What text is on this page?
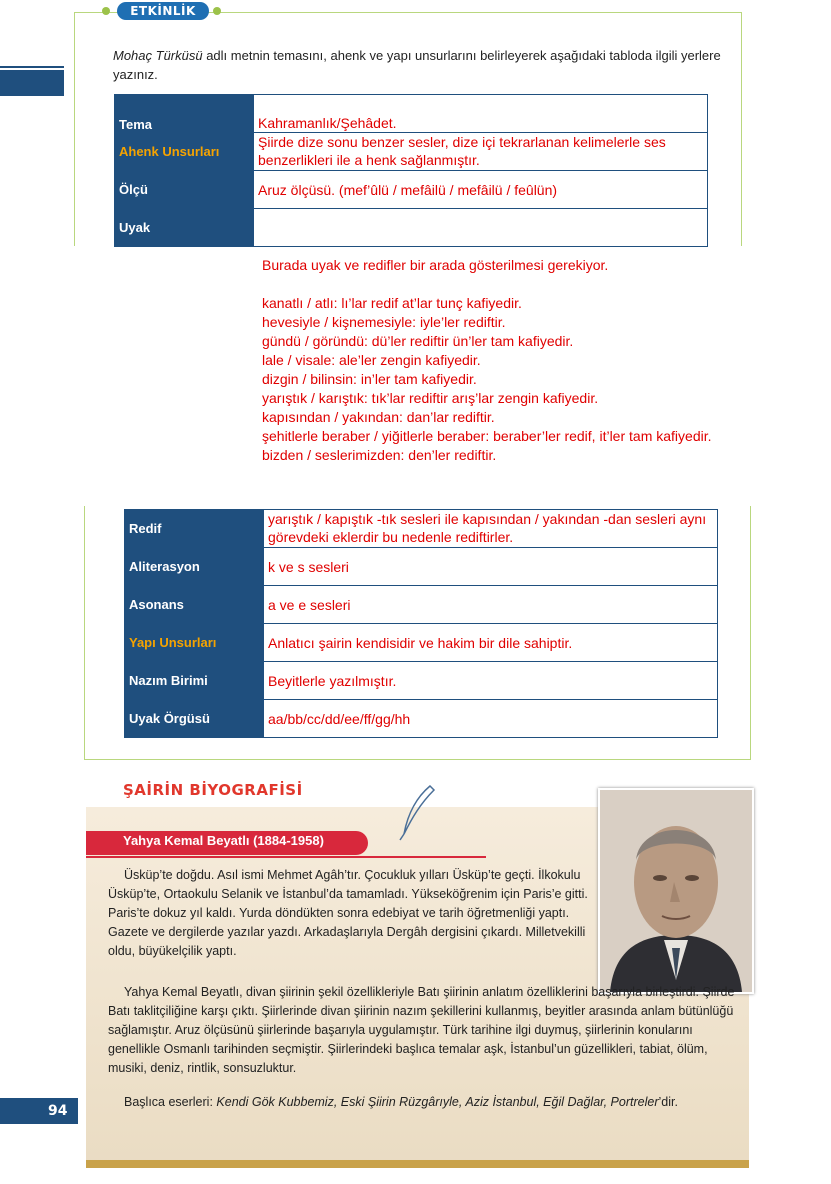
94
ETKİNLİK
Mohaç Türküsü adlı metnin temasını, ahenk ve yapı unsurlarını belirleyerek aşağıdaki tabloda ilgili yerlere yazınız.
Tema	Kahramanlık/Şehâdet.
Ahenk Unsurları	Şiirde dize sonu benzer sesler, dize içi tekrarlanan kelimelerle ses benzerlikleri ile a henk sağlanmıştır.
Ölçü	Aruz ölçüsü. (mef’ûlü / mefâilü / mefâilü / feûlün)
Uyak	
Burada uyak ve redifler bir arada gösterilmesi gerekiyor.
kanatlı / atlı: lı’lar redif at’lar tunç kafiyedir.
hevesiyle / kişnemesiyle: iyle’ler rediftir.
gündü / göründü: dü’ler rediftir ün’ler tam kafiyedir.
lale / visale: ale’ler zengin kafiyedir.
dizgin / bilinsin: in’ler tam kafiyedir.
yarıştık / karıştık: tık’lar rediftir arış’lar zengin kafiyedir.
kapısından / yakından: dan’lar rediftir.
şehitlerle beraber / yiğitlerle beraber: beraber’ler redif, it’ler tam kafiyedir.
bizden / seslerimizden: den’ler rediftir.
Redif	yarıştık / kapıştık -tık sesleri ile kapısından / yakından -dan sesleri aynı görevdeki eklerdir bu nedenle rediftirler.
Aliterasyon	k ve s sesleri
Asonans	a ve e sesleri
Yapı Unsurları	Anlatıcı şairin kendisidir ve hakim bir dile sahiptir.
Nazım Birimi	Beyitlerle yazılmıştır.
Uyak Örgüsü	aa/bb/cc/dd/ee/ff/gg/hh
ŞAİRİN BİYOGRAFİSİ
Yahya Kemal Beyatlı (1884-1958)
Üsküp’te doğdu. Asıl ismi Mehmet Agâh’tır. Çocukluk yılları Üsküp’te geçti. İlkokulu Üsküp’te, Ortaokulu Selanik ve İstanbul’da tamamladı. Yükseköğrenim için Paris’e gitti. Paris’te dokuz yıl kaldı. Yurda döndükten sonra edebiyat ve tarih öğretmenliği yaptı. Gazete ve dergilerde yazılar yazdı. Arkadaşlarıyla Dergâh dergisini çıkardı. Milletvekilli oldu, büyükelçilik yaptı.
Yahya Kemal Beyatlı, divan şiirinin şekil özellikleriyle Batı şiirinin anlatım özelliklerini başarıyla birleştirdi. Şiirde Batı taklitçiliğine karşı çıktı. Şiirlerinde divan şiirinin nazım şekillerini kullanmış, beyitler arasında anlam bütünlüğü sağlamıştır. Aruz ölçüsünü şiirlerinde başarıyla uygulamıştır. Türk tarihine ilgi duymuş, şiirlerinin konularını genellikle Osmanlı tarihinden seçmiştir. Şiirlerindeki başlıca temalar aşk, İstanbul’un güzellikleri, tabiat, ölüm, musiki, deniz, rintlik, sonsuzluktur.
Başlıca eserleri: Kendi Gök Kubbemiz, Eski Şiirin Rüzgârıyle, Aziz İstanbul, Eğil Dağlar, Portreler’dir.
